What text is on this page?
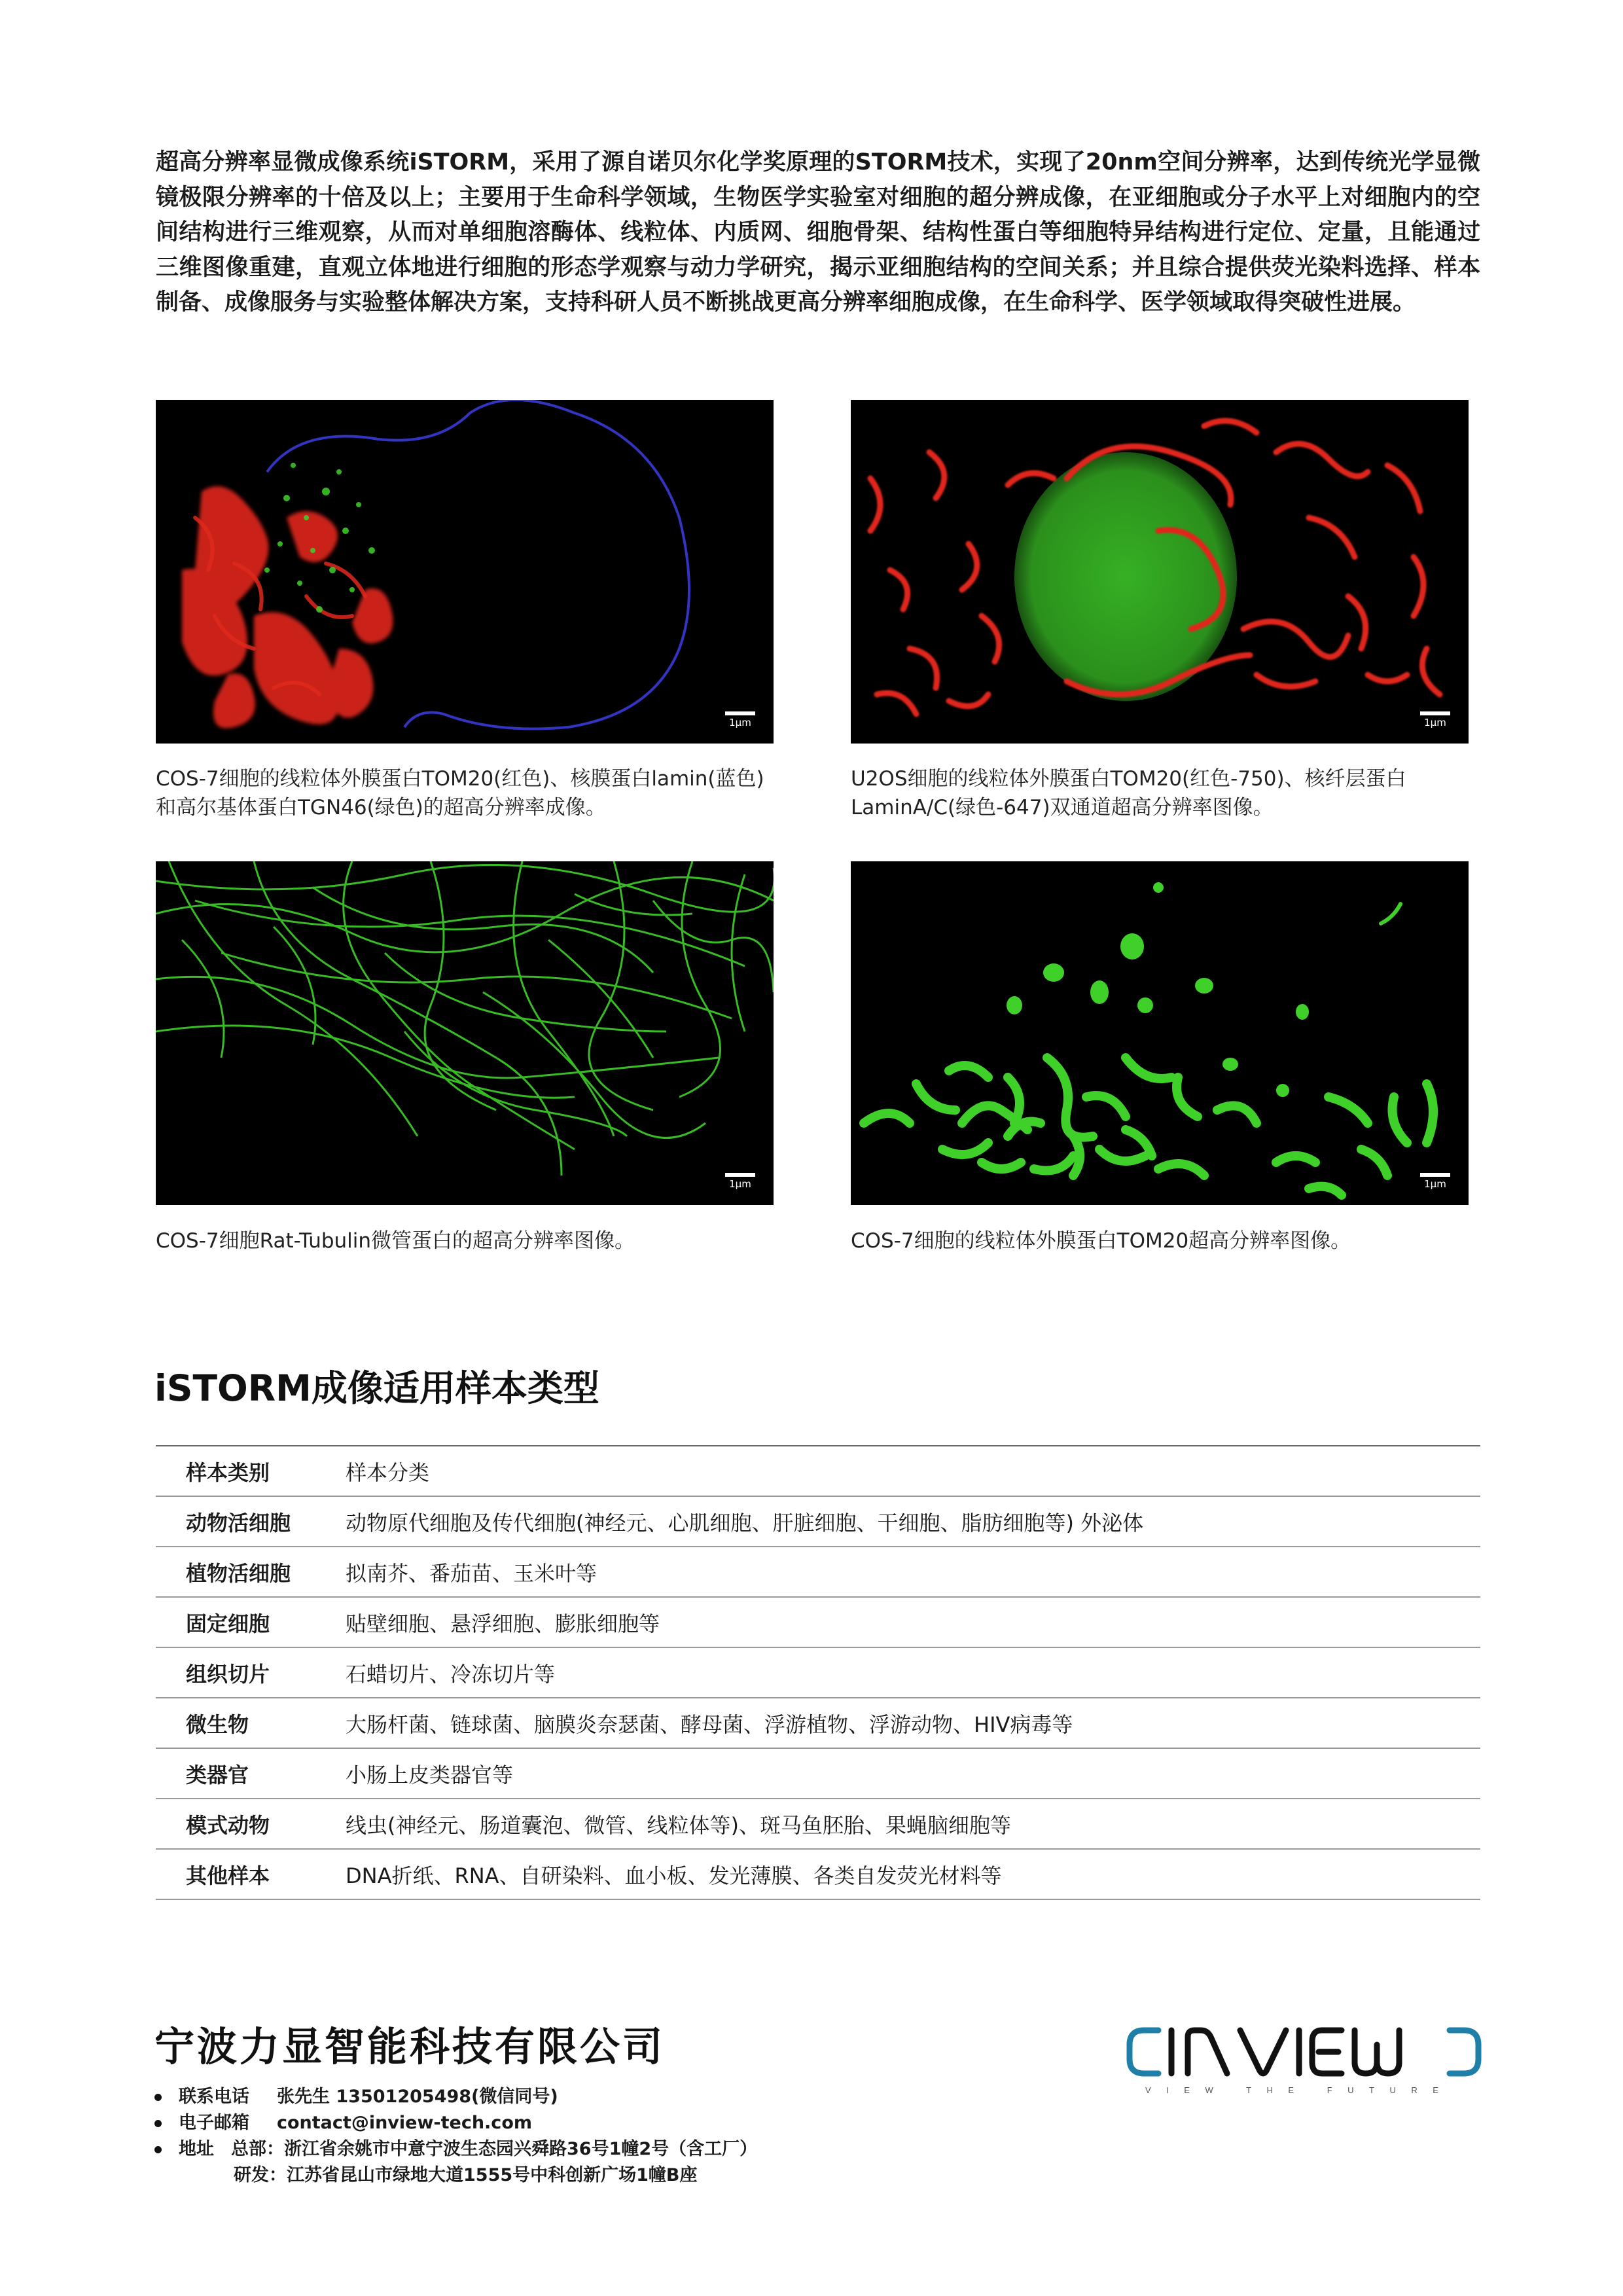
超高分辨率显微成像系统iSTORM，采用了源自诺贝尔化学奖原理的STORM技术，实现了20nm空间分辨率，达到传统光学显微镜极限分辨率的十倍及以上；主要用于生命科学领域，生物医学实验室对细胞的超分辨成像，在亚细胞或分子水平上对细胞内的空间结构进行三维观察，从而对单细胞溶酶体、线粒体、内质网、细胞骨架、结构性蛋白等细胞特异结构进行定位、定量，且能通过三维图像重建，直观立体地进行细胞的形态学观察与动力学研究，揭示亚细胞结构的空间关系；并且综合提供荧光染料选择、样本制备、成像服务与实验整体解决方案，支持科研人员不断挑战更高分辨率细胞成像，在生命科学、医学领域取得突破性进展。

1μm	1μm

COS-7细胞的线粒体外膜蛋白TOM20(红色)、核膜蛋白lamin(蓝色)和高尔基体蛋白TGN46(绿色)的超高分辨率成像。

U2OS细胞的线粒体外膜蛋白TOM20(红色-750)、核纤层蛋白LaminA/C(绿色-647)双通道超高分辨率图像。

1μm	1μm

COS-7细胞Rat-Tubulin微管蛋白的超高分辨率图像。	COS-7细胞的线粒体外膜蛋白TOM20超高分辨率图像。

iSTORM成像适用样本类型
样本类别	样本分类
动物活细胞	动物原代细胞及传代细胞(神经元、心肌细胞、肝脏细胞、干细胞、脂肪细胞等) 外泌体
植物活细胞	拟南芥、番茄苗、玉米叶等
固定细胞	贴壁细胞、悬浮细胞、膨胀细胞等
组织切片	石蜡切片、冷冻切片等
微生物	大肠杆菌、链球菌、脑膜炎奈瑟菌、酵母菌、浮游植物、浮游动物、HIV病毒等
类器官	小肠上皮类器官等
模式动物	线虫(神经元、肠道囊泡、微管、线粒体等)、斑马鱼胚胎、果蝇脑细胞等
其他样本	DNA折纸、RNA、自研染料、血小板、发光薄膜、各类自发荧光材料等
宁波力显智能科技有限公司
联系电话 张先生 13501205498(微信同号)
电子邮箱 contact@inview-tech.com
地址 总部：浙江省余姚市中意宁波生态园兴舜路36号1幢2号（含工厂）
研发：江苏省昆山市绿地大道1555号中科创新广场1幢B座
VIEW THE FUTURE
